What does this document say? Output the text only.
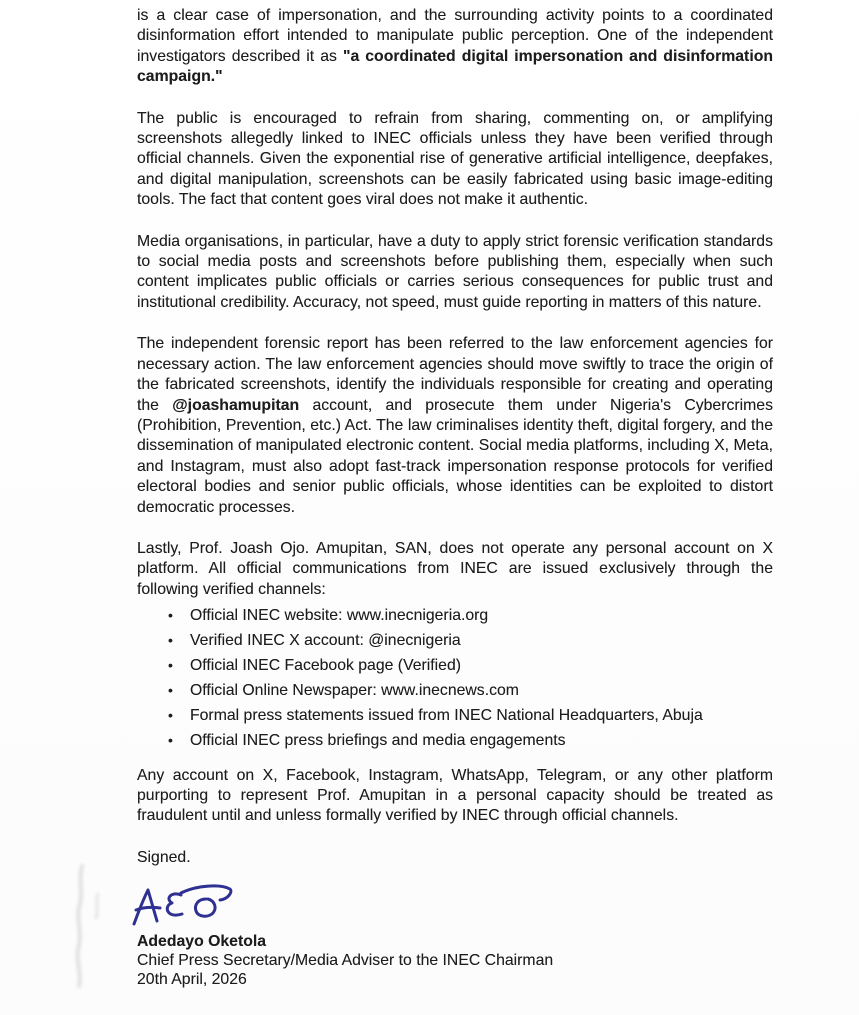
is a clear case of impersonation, and the surrounding activity points to a coordinated disinformation effort intended to manipulate public perception. One of the independent investigators described it as "a coordinated digital impersonation and disinformation campaign."

The public is encouraged to refrain from sharing, commenting on, or amplifying screenshots allegedly linked to INEC officials unless they have been verified through official channels. Given the exponential rise of generative artificial intelligence, deepfakes, and digital manipulation, screenshots can be easily fabricated using basic image-editing tools. The fact that content goes viral does not make it authentic.

Media organisations, in particular, have a duty to apply strict forensic verification standards to social media posts and screenshots before publishing them, especially when such content implicates public officials or carries serious consequences for public trust and institutional credibility. Accuracy, not speed, must guide reporting in matters of this nature.

The independent forensic report has been referred to the law enforcement agencies for necessary action. The law enforcement agencies should move swiftly to trace the origin of the fabricated screenshots, identify the individuals responsible for creating and operating the @joashamupitan account, and prosecute them under Nigeria's Cybercrimes (Prohibition, Prevention, etc.) Act. The law criminalises identity theft, digital forgery, and the dissemination of manipulated electronic content. Social media platforms, including X, Meta, and Instagram, must also adopt fast-track impersonation response protocols for verified electoral bodies and senior public officials, whose identities can be exploited to distort democratic processes.

Lastly, Prof. Joash Ojo. Amupitan, SAN, does not operate any personal account on X platform. All official communications from INEC are issued exclusively through the following verified channels:

• Official INEC website: www.inecnigeria.org
• Verified INEC X account: @inecnigeria
• Official INEC Facebook page (Verified)
• Official Online Newspaper: www.inecnews.com
• Formal press statements issued from INEC National Headquarters, Abuja
• Official INEC press briefings and media engagements

Any account on X, Facebook, Instagram, WhatsApp, Telegram, or any other platform purporting to represent Prof. Amupitan in a personal capacity should be treated as fraudulent until and unless formally verified by INEC through official channels.

Signed.

Adedayo Oketola
Chief Press Secretary/Media Adviser to the INEC Chairman
20th April, 2026
